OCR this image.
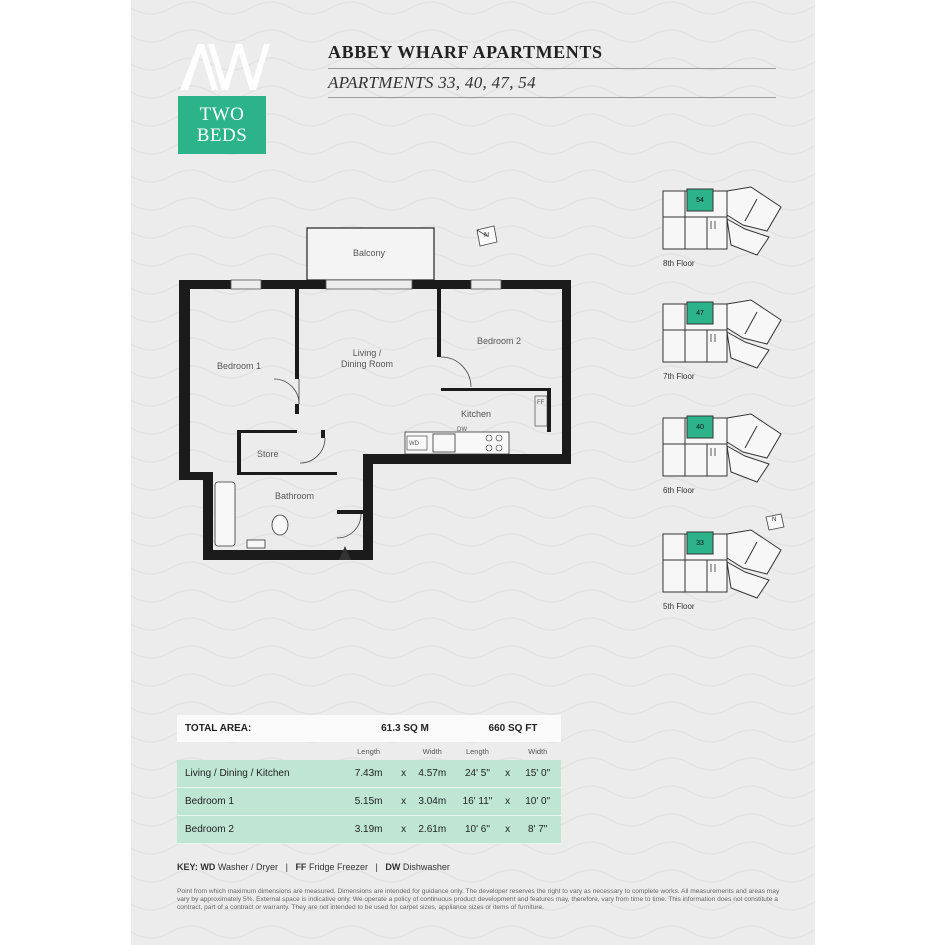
TWO
BEDS
ABBEY WHARF APARTMENTS
APARTMENTS 33, 40, 47, 54
Balcony
Bedroom 1
Living /
Dining Room
Bedroom 2
Kitchen
Store
Bathroom
FF
WD
DW
N
54
8th Floor
47
7th Floor
40
6th Floor
33
5th Floor
N
TOTAL AREA:	61.3 SQ M	660 SQ FT
Length	Width	Length	Width
Living / Dining / Kitchen	7.43m	x	4.57m	24' 5"	x	15' 0"
Bedroom 1	5.15m	x	3.04m	16' 11"	x	10' 0"
Bedroom 2	3.19m	x	2.61m	10' 6"	x	8' 7"
KEY: WD Washer / Dryer | FF Fridge Freezer | DW Dishwasher
Point from which maximum dimensions are measured. Dimensions are intended for guidance only. The developer reserves the right to vary as necessary to complete works. All measurements and areas may vary by approximately 5%. External space is indicative only. We operate a policy of continuous product development and features may, therefore, vary from time to time. This information does not constitute a contract, part of a contract or warranty. They are not intended to be used for carpet sizes, appliance sizes or items of furniture.
